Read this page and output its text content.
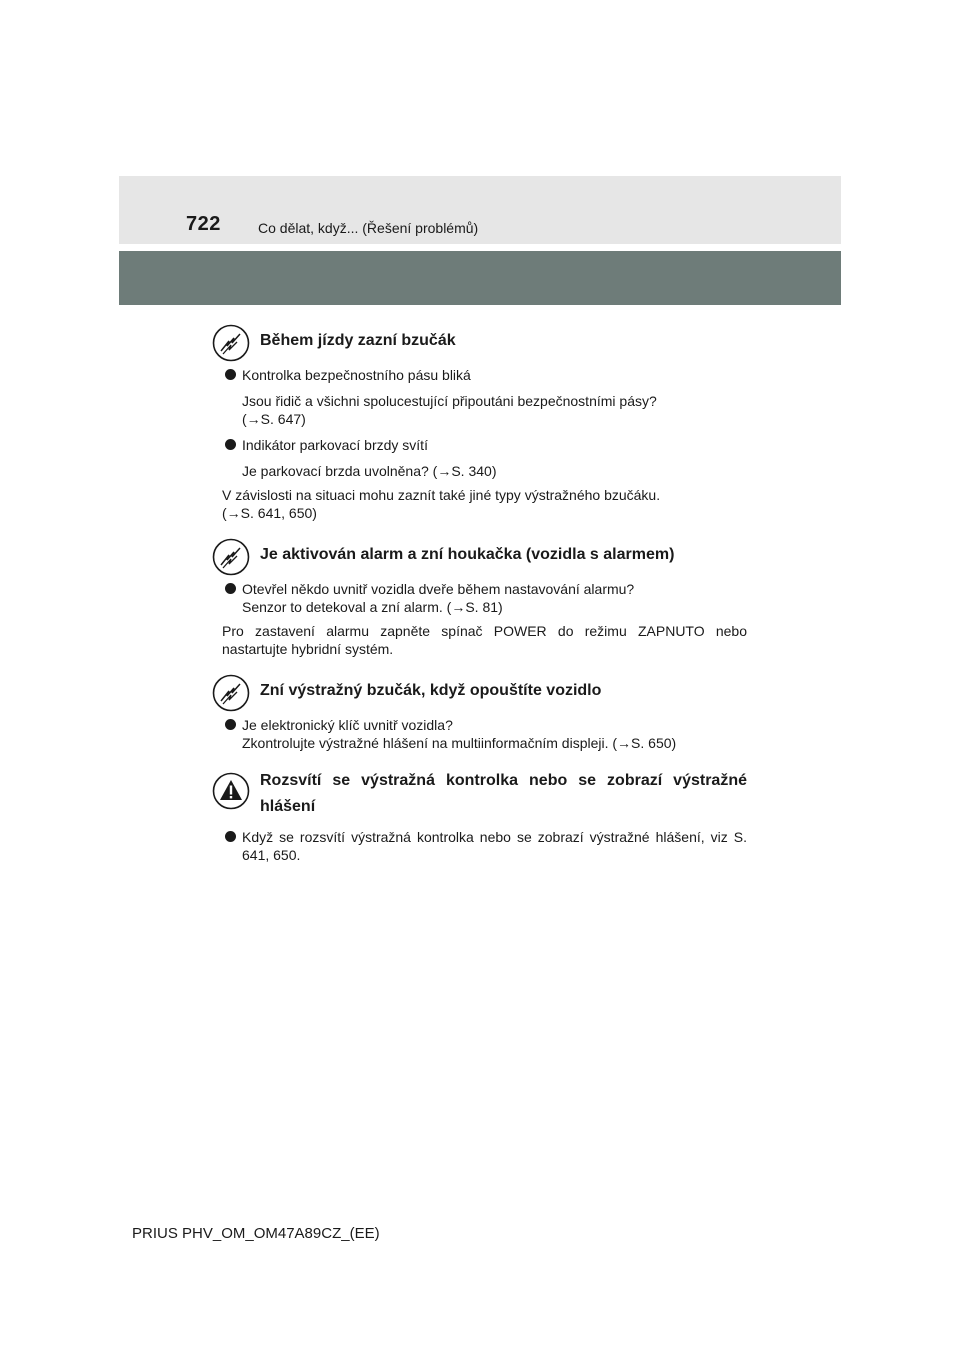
722	Co dělat, když... (Řešení problémů)
Během jízdy zazní bzučák
Kontrolka bezpečnostního pásu bliká
Jsou řidič a všichni spolucestující připoutáni bezpečnostními pásy?
(→S. 647)
Indikátor parkovací brzdy svítí
Je parkovací brzda uvolněna? (→S. 340)
V závislosti na situaci mohu zaznít také jiné typy výstražného bzučáku.
(→S. 641, 650)
Je aktivován alarm a zní houkačka (vozidla s alarmem)
Otevřel někdo uvnitř vozidla dveře během nastavování alarmu?
Senzor to detekoval a zní alarm. (→S. 81)
Pro zastavení alarmu zapněte spínač POWER do režimu ZAPNUTO nebo nastartujte hybridní systém.
Zní výstražný bzučák, když opouštíte vozidlo
Je elektronický klíč uvnitř vozidla?
Zkontrolujte výstražné hlášení na multiinformačním displeji. (→S. 650)
Rozsvítí se výstražná kontrolka nebo se zobrazí výstražné hlášení
Když se rozsvítí výstražná kontrolka nebo se zobrazí výstražné hlášení, viz S. 641, 650.
PRIUS PHV_OM_OM47A89CZ_(EE)
